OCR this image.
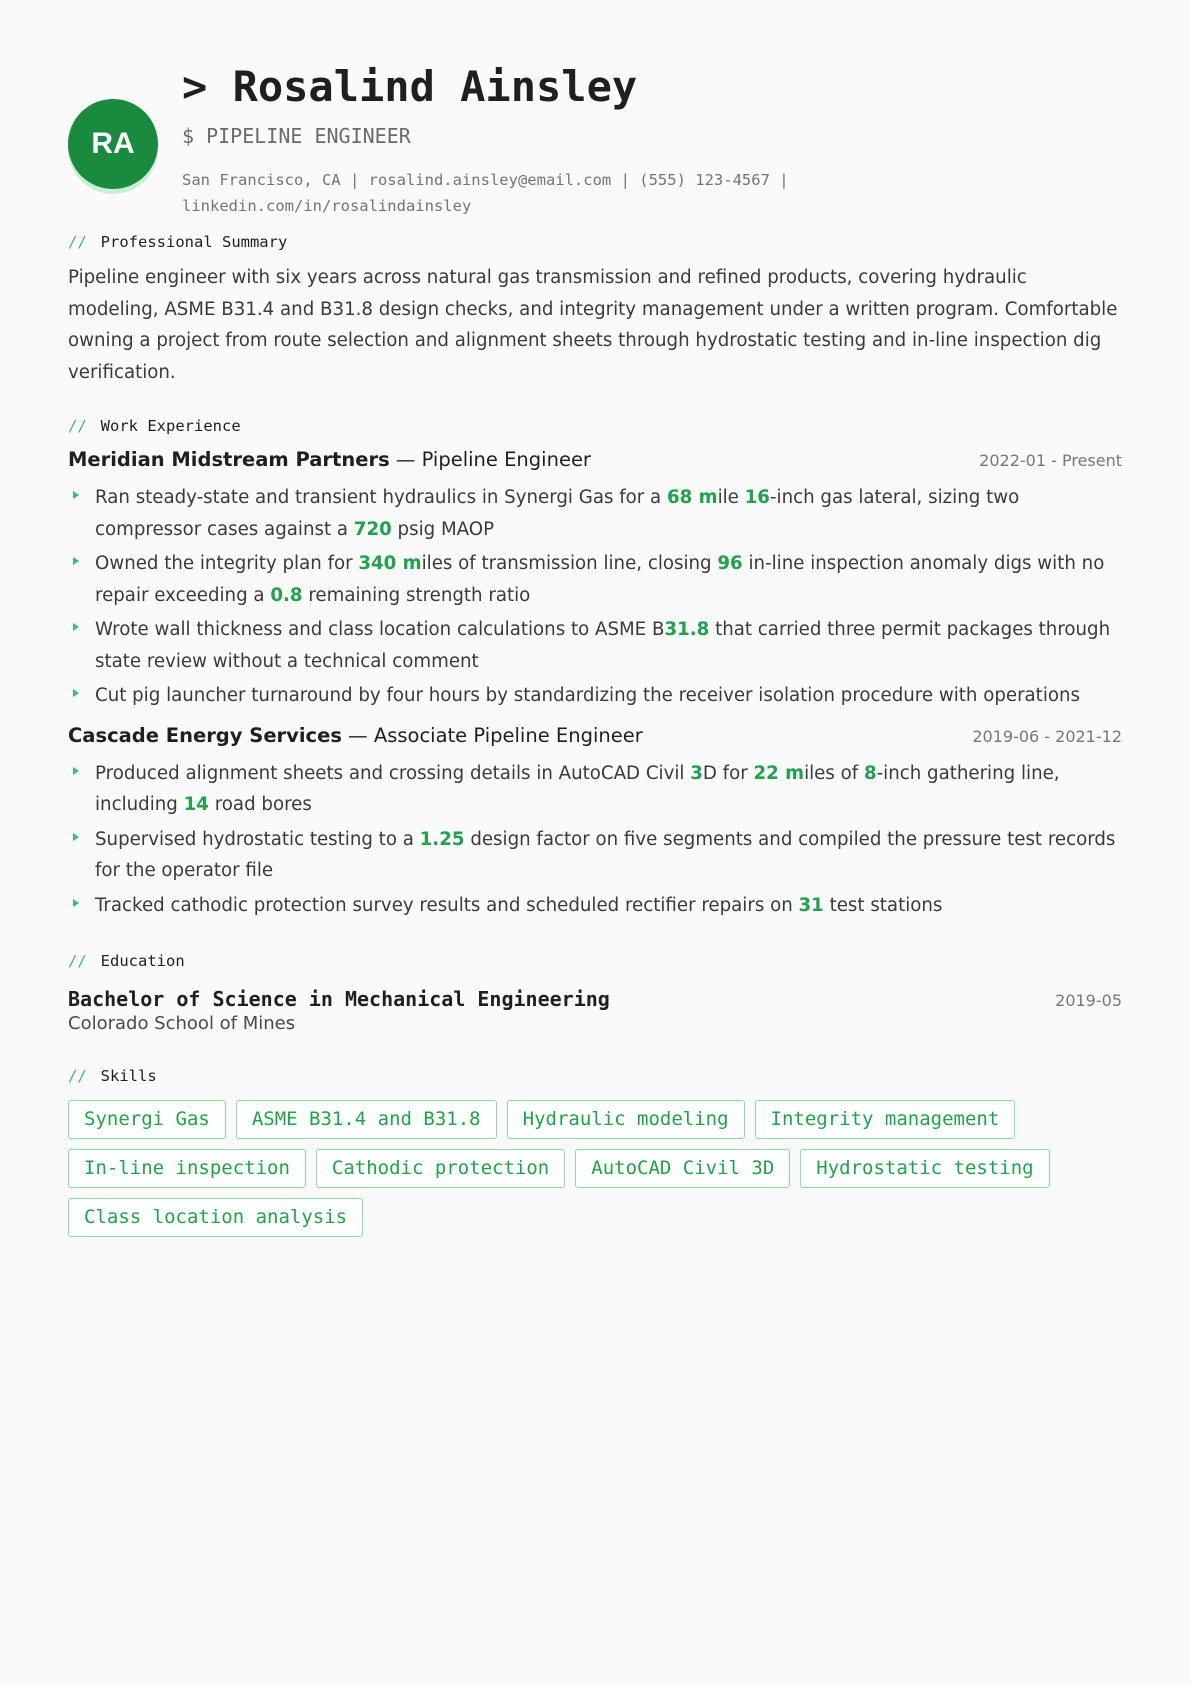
RA
> Rosalind Ainsley
$ PIPELINE ENGINEER
San Francisco, CA | rosalind.ainsley@email.com | (555) 123-4567 | linkedin.com/in/rosalindainsley
// Professional Summary

Pipeline engineer with six years across natural gas transmission and refined products, covering hydraulic modeling, ASME B31.4 and B31.8 design checks, and integrity management under a written program. Comfortable owning a project from route selection and alignment sheets through hydrostatic testing and in-line inspection dig verification.

// Work Experience
Meridian Midstream Partners — Pipeline Engineer	2022-01 - Present
Ran steady-state and transient hydraulics in Synergi Gas for a 68 mile 16-inch gas lateral, sizing two compressor cases against a 720 psig MAOP
Owned the integrity plan for 340 miles of transmission line, closing 96 in-line inspection anomaly digs with no repair exceeding a 0.8 remaining strength ratio
Wrote wall thickness and class location calculations to ASME B31.8 that carried three permit packages through state review without a technical comment
Cut pig launcher turnaround by four hours by standardizing the receiver isolation procedure with operations
Cascade Energy Services — Associate Pipeline Engineer	2019-06 - 2021-12
Produced alignment sheets and crossing details in AutoCAD Civil 3D for 22 miles of 8-inch gathering line, including 14 road bores
Supervised hydrostatic testing to a 1.25 design factor on five segments and compiled the pressure test records for the operator file
Tracked cathodic protection survey results and scheduled rectifier repairs on 31 test stations
// Education
Bachelor of Science in Mechanical Engineering	2019-05
Colorado School of Mines
// Skills
Synergi Gas	ASME B31.4 and B31.8	Hydraulic modeling	Integrity management
In-line inspection	Cathodic protection	AutoCAD Civil 3D	Hydrostatic testing
Class location analysis
